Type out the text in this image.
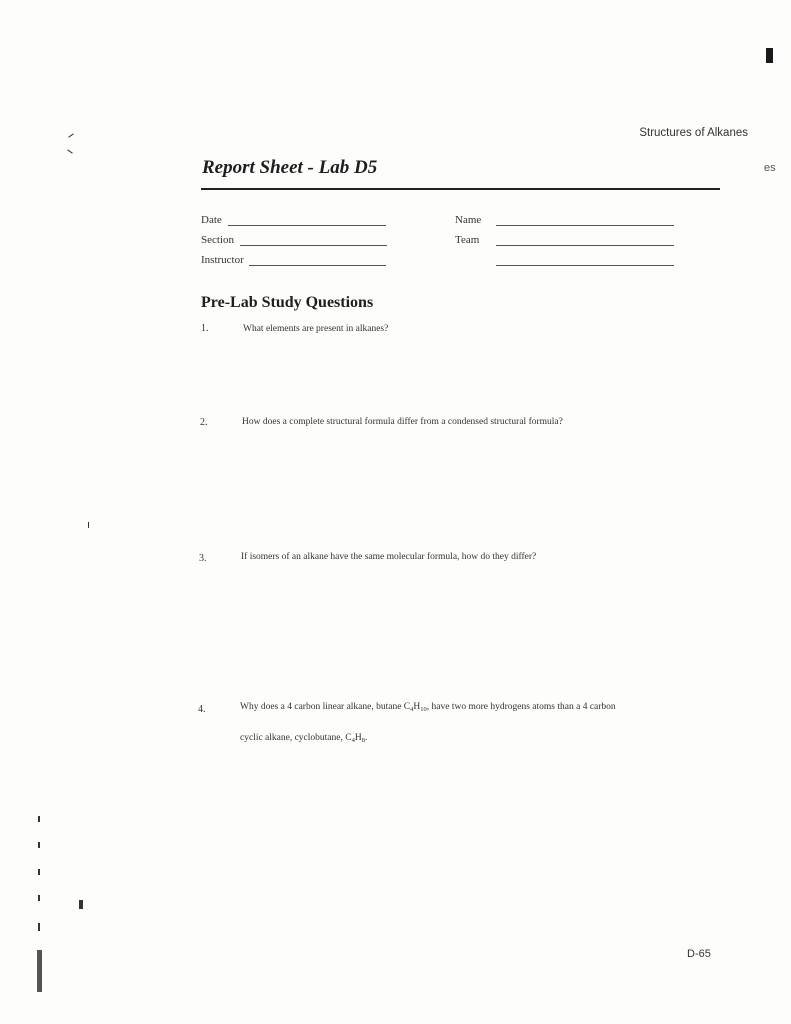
es
Structures of Alkanes
Report Sheet - Lab D5
Date
Section
Instructor
Name
Team
Pre-Lab Study Questions
1.	What elements are present in alkanes?
2.	How does a complete structural formula differ from a condensed structural formula?
3.	If isomers of an alkane have the same molecular formula, how do they differ?
4.	Why does a 4 carbon linear alkane, butane $C_4H_{10}$, have two more hydrogens atoms than a 4 carbon
cyclic alkane, cyclobutane, $C_4H_8$.
D-65
